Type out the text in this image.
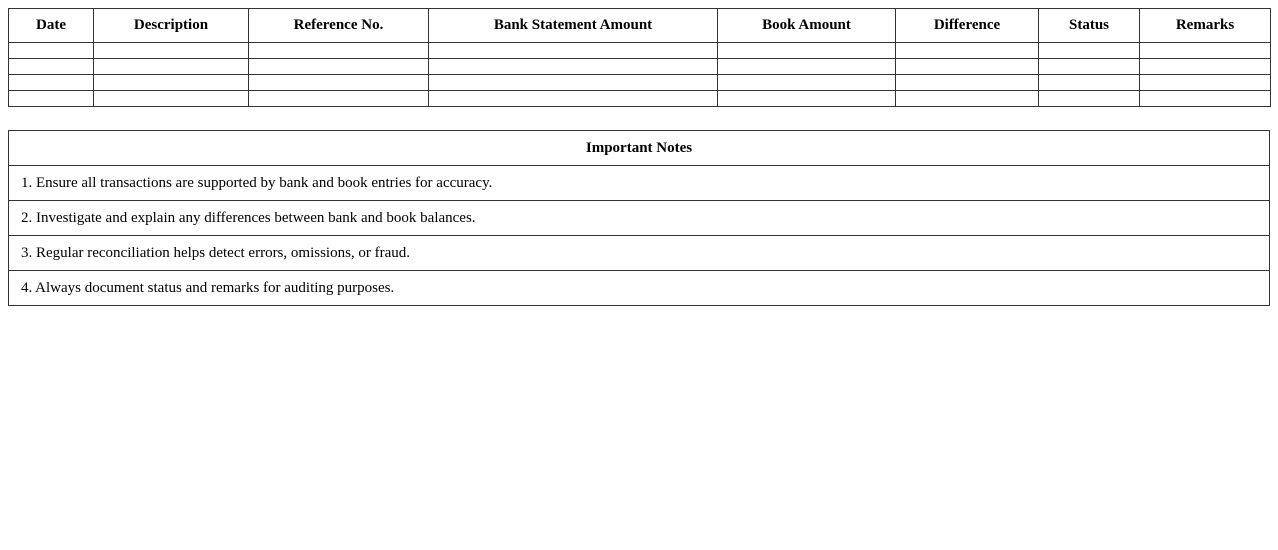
Date	Description	Reference No.	Bank Statement Amount	Book Amount	Difference	Status	Remarks

Important Notes
1. Ensure all transactions are supported by bank and book entries for accuracy.
2. Investigate and explain any differences between bank and book balances.
3. Regular reconciliation helps detect errors, omissions, or fraud.
4. Always document status and remarks for auditing purposes.
